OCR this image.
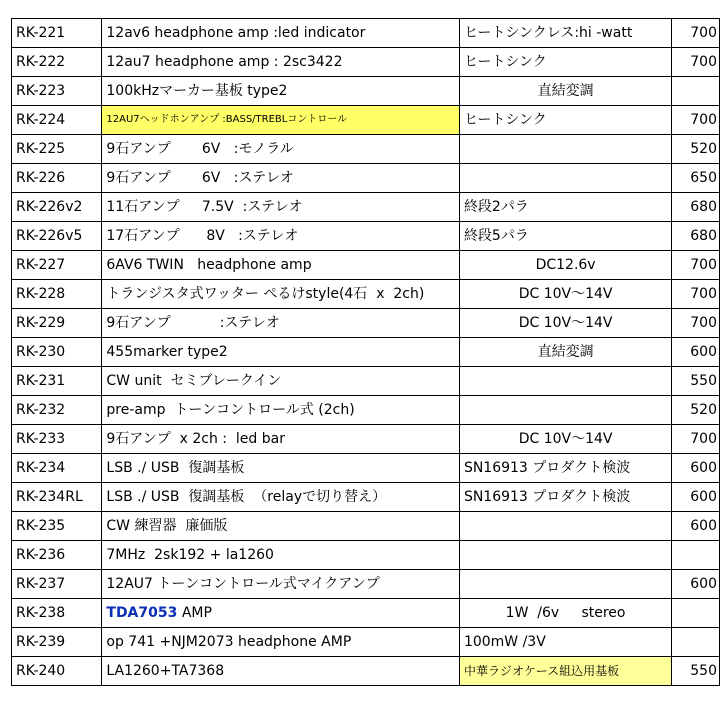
RK-221	12av6 headphone amp :led indicator	ヒートシンクレス:hi -watt	700
RK-222	12au7 headphone amp : 2sc3422	ヒートシンク	700
RK-223	100kHzマーカー基板 type2	直結変調	
RK-224	12AU7ヘッドホンアンプ :BASS/TREBLコントロール	ヒートシンク	700
RK-225	9石アンプ       6V   :モノラル		520
RK-226	9石アンプ       6V   :ステレオ		650
RK-226v2	11石アンプ     7.5V  :ステレオ	終段2パラ	680
RK-226v5	17石アンプ      8V   :ステレオ	終段5パラ	680
RK-227	6AV6 TWIN   headphone amp	DC12.6v	700
RK-228	トランジスタ式ワッター ぺるけstyle(4石  x  2ch)	DC 10V〜14V	700
RK-229	9石アンプ           :ステレオ	DC 10V〜14V	700
RK-230	455marker type2	直結変調	600
RK-231	CW unit  セミブレークイン		550
RK-232	pre-amp  トーンコントロール式 (2ch)		520
RK-233	9石アンプ  x 2ch :  led bar	DC 10V〜14V	700
RK-234	LSB ./ USB  復調基板	SN16913 プロダクト検波	600
RK-234RL	LSB ./ USB  復調基板  （relayで切り替え）	SN16913 プロダクト検波	600
RK-235	CW 練習器  廉価版		600
RK-236	7MHz  2sk192 + la1260		
RK-237	12AU7 トーンコントロール式マイクアンプ		600
RK-238	TDA7053 AMP	1W  /6v     stereo	
RK-239	op 741 +NJM2073 headphone AMP	100mW /3V	
RK-240	LA1260+TA7368	中華ラジオケース組込用基板	550
